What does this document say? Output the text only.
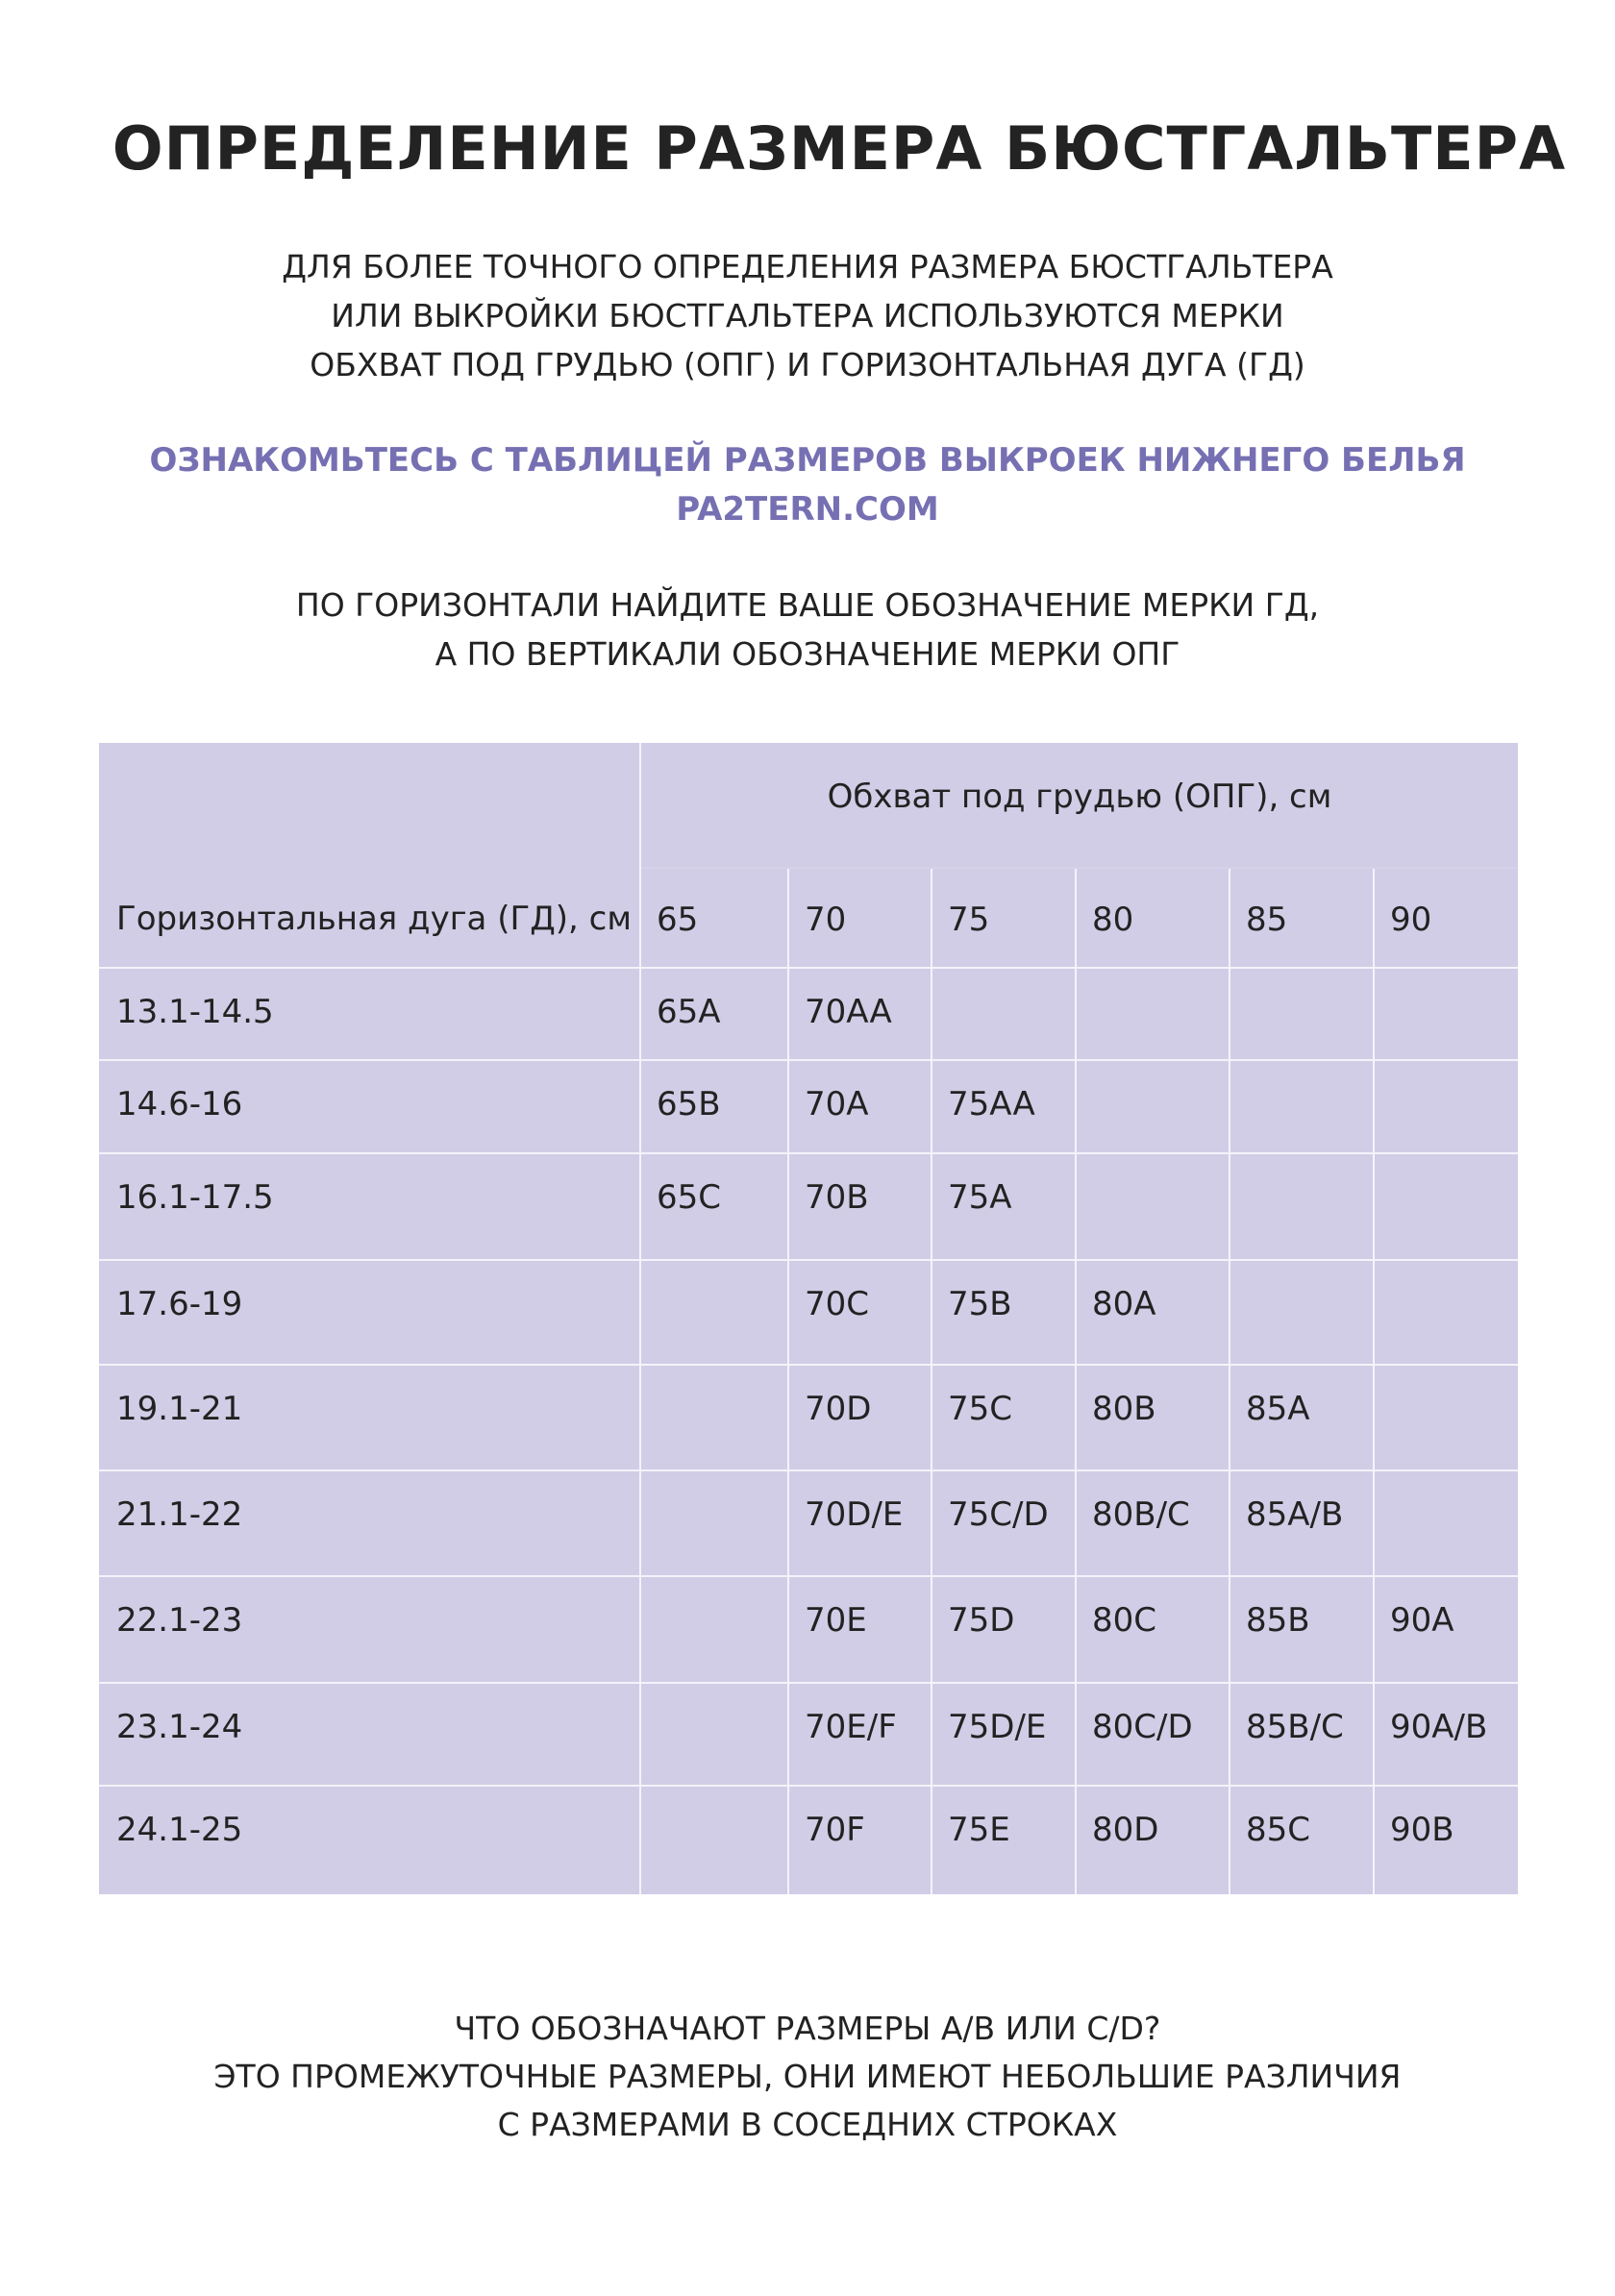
ОПРЕДЕЛЕНИЕ РАЗМЕРА БЮСТГАЛЬТЕРА
ДЛЯ БОЛЕЕ ТОЧНОГО ОПРЕДЕЛЕНИЯ РАЗМЕРА БЮСТГАЛЬТЕРА
ИЛИ ВЫКРОЙКИ БЮСТГАЛЬТЕРА ИСПОЛЬЗУЮТСЯ МЕРКИ
ОБХВАТ ПОД ГРУДЬЮ (ОПГ) И ГОРИЗОНТАЛЬНАЯ ДУГА (ГД)
ОЗНАКОМЬТЕСЬ С ТАБЛИЦЕЙ РАЗМЕРОВ ВЫКРОЕК НИЖНЕГО БЕЛЬЯ
PA2TERN.COM
ПО ГОРИЗОНТАЛИ НАЙДИТЕ ВАШЕ ОБОЗНАЧЕНИЕ МЕРКИ ГД,
А ПО ВЕРТИКАЛИ ОБОЗНАЧЕНИЕ МЕРКИ ОПГ
Горизонтальная дуга (ГД), см	Обхват под грудью (ОПГ), см					
	65	70	75	80	85	90
13.1-14.5	65A	70AA				
14.6-16	65B	70A	75AA			
16.1-17.5	65C	70B	75A			
17.6-19		70C	75B	80A		
19.1-21		70D	75C	80B	85A	
21.1-22		70D/E	75C/D	80B/C	85A/B	
22.1-23		70E	75D	80C	85B	90A
23.1-24		70E/F	75D/E	80C/D	85B/C	90A/B
24.1-25		70F	75E	80D	85C	90B
ЧТО ОБОЗНАЧАЮТ РАЗМЕРЫ A/B ИЛИ C/D?
ЭТО ПРОМЕЖУТОЧНЫЕ РАЗМЕРЫ, ОНИ ИМЕЮТ НЕБОЛЬШИЕ РАЗЛИЧИЯ
С РАЗМЕРАМИ В СОСЕДНИХ СТРОКАХ
